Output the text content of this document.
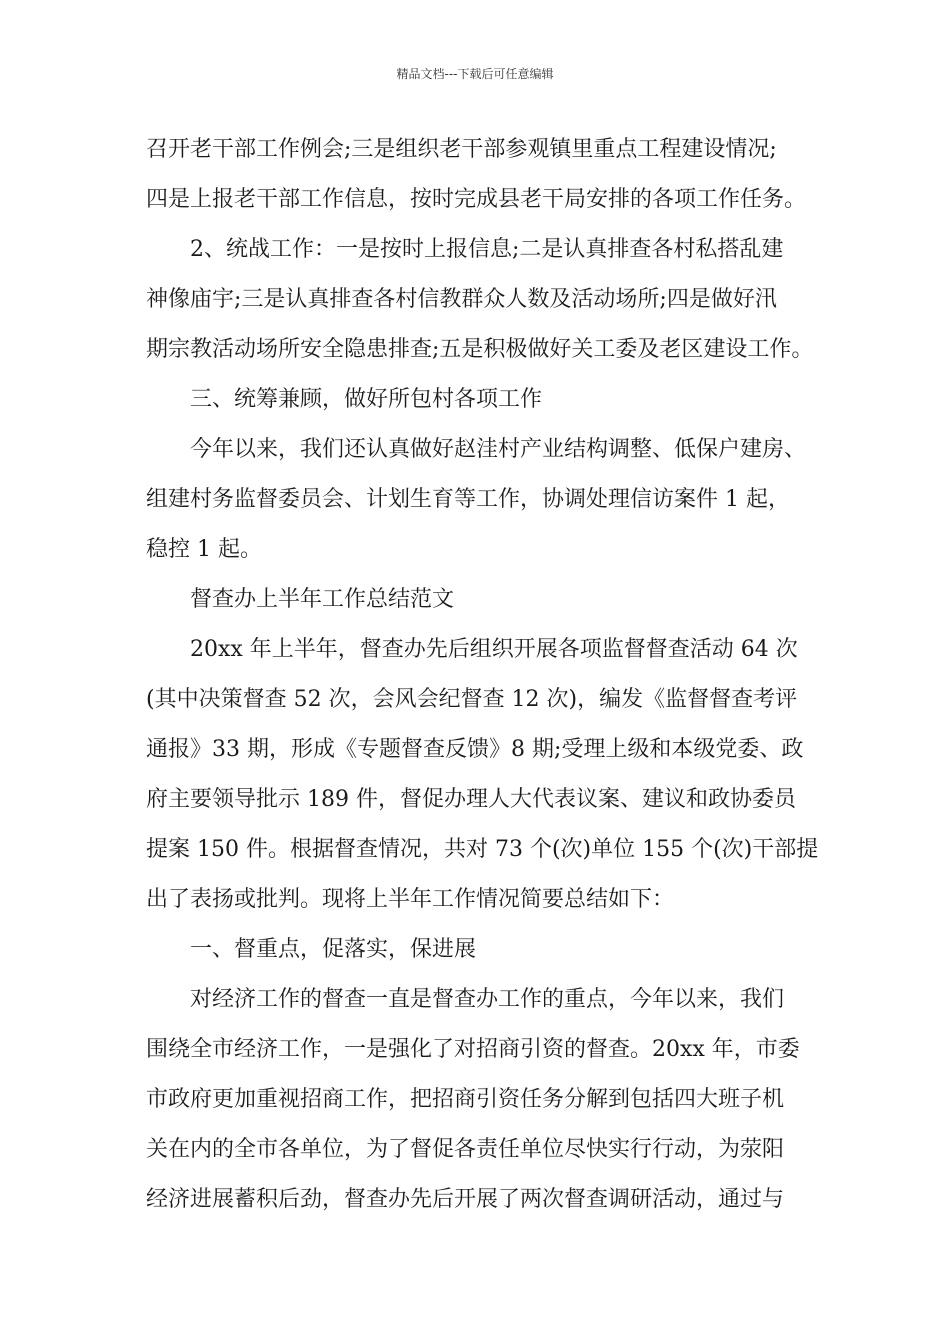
精品文档---下载后可任意编辑
召开老干部工作例会;三是组织老干部参观镇里重点工程建设情况;
四是上报老干部工作信息，按时完成县老干局安排的各项工作任务。
2、统战工作：一是按时上报信息;二是认真排查各村私搭乱建
神像庙宇;三是认真排查各村信教群众人数及活动场所;四是做好汛
期宗教活动场所安全隐患排查;五是积极做好关工委及老区建设工作。
三、统筹兼顾，做好所包村各项工作
今年以来，我们还认真做好赵洼村产业结构调整、低保户建房、
组建村务监督委员会、计划生育等工作，协调处理信访案件 1 起，
稳控 1 起。
督查办上半年工作总结范文
20xx 年上半年，督查办先后组织开展各项监督督查活动 64 次
(其中决策督查 52 次，会风会纪督查 12 次)，编发《监督督查考评
通报》33 期，形成《专题督查反馈》8 期;受理上级和本级党委、政
府主要领导批示 189 件，督促办理人大代表议案、建议和政协委员
提案 150 件。根据督查情况，共对 73 个(次)单位 155 个(次)干部提
出了表扬或批判。现将上半年工作情况简要总结如下：
一、督重点，促落实，保进展
对经济工作的督查一直是督查办工作的重点，今年以来，我们
围绕全市经济工作，一是强化了对招商引资的督查。20xx 年，市委
市政府更加重视招商工作，把招商引资任务分解到包括四大班子机
关在内的全市各单位，为了督促各责任单位尽快实行行动，为荥阳
经济进展蓄积后劲，督查办先后开展了两次督查调研活动，通过与
